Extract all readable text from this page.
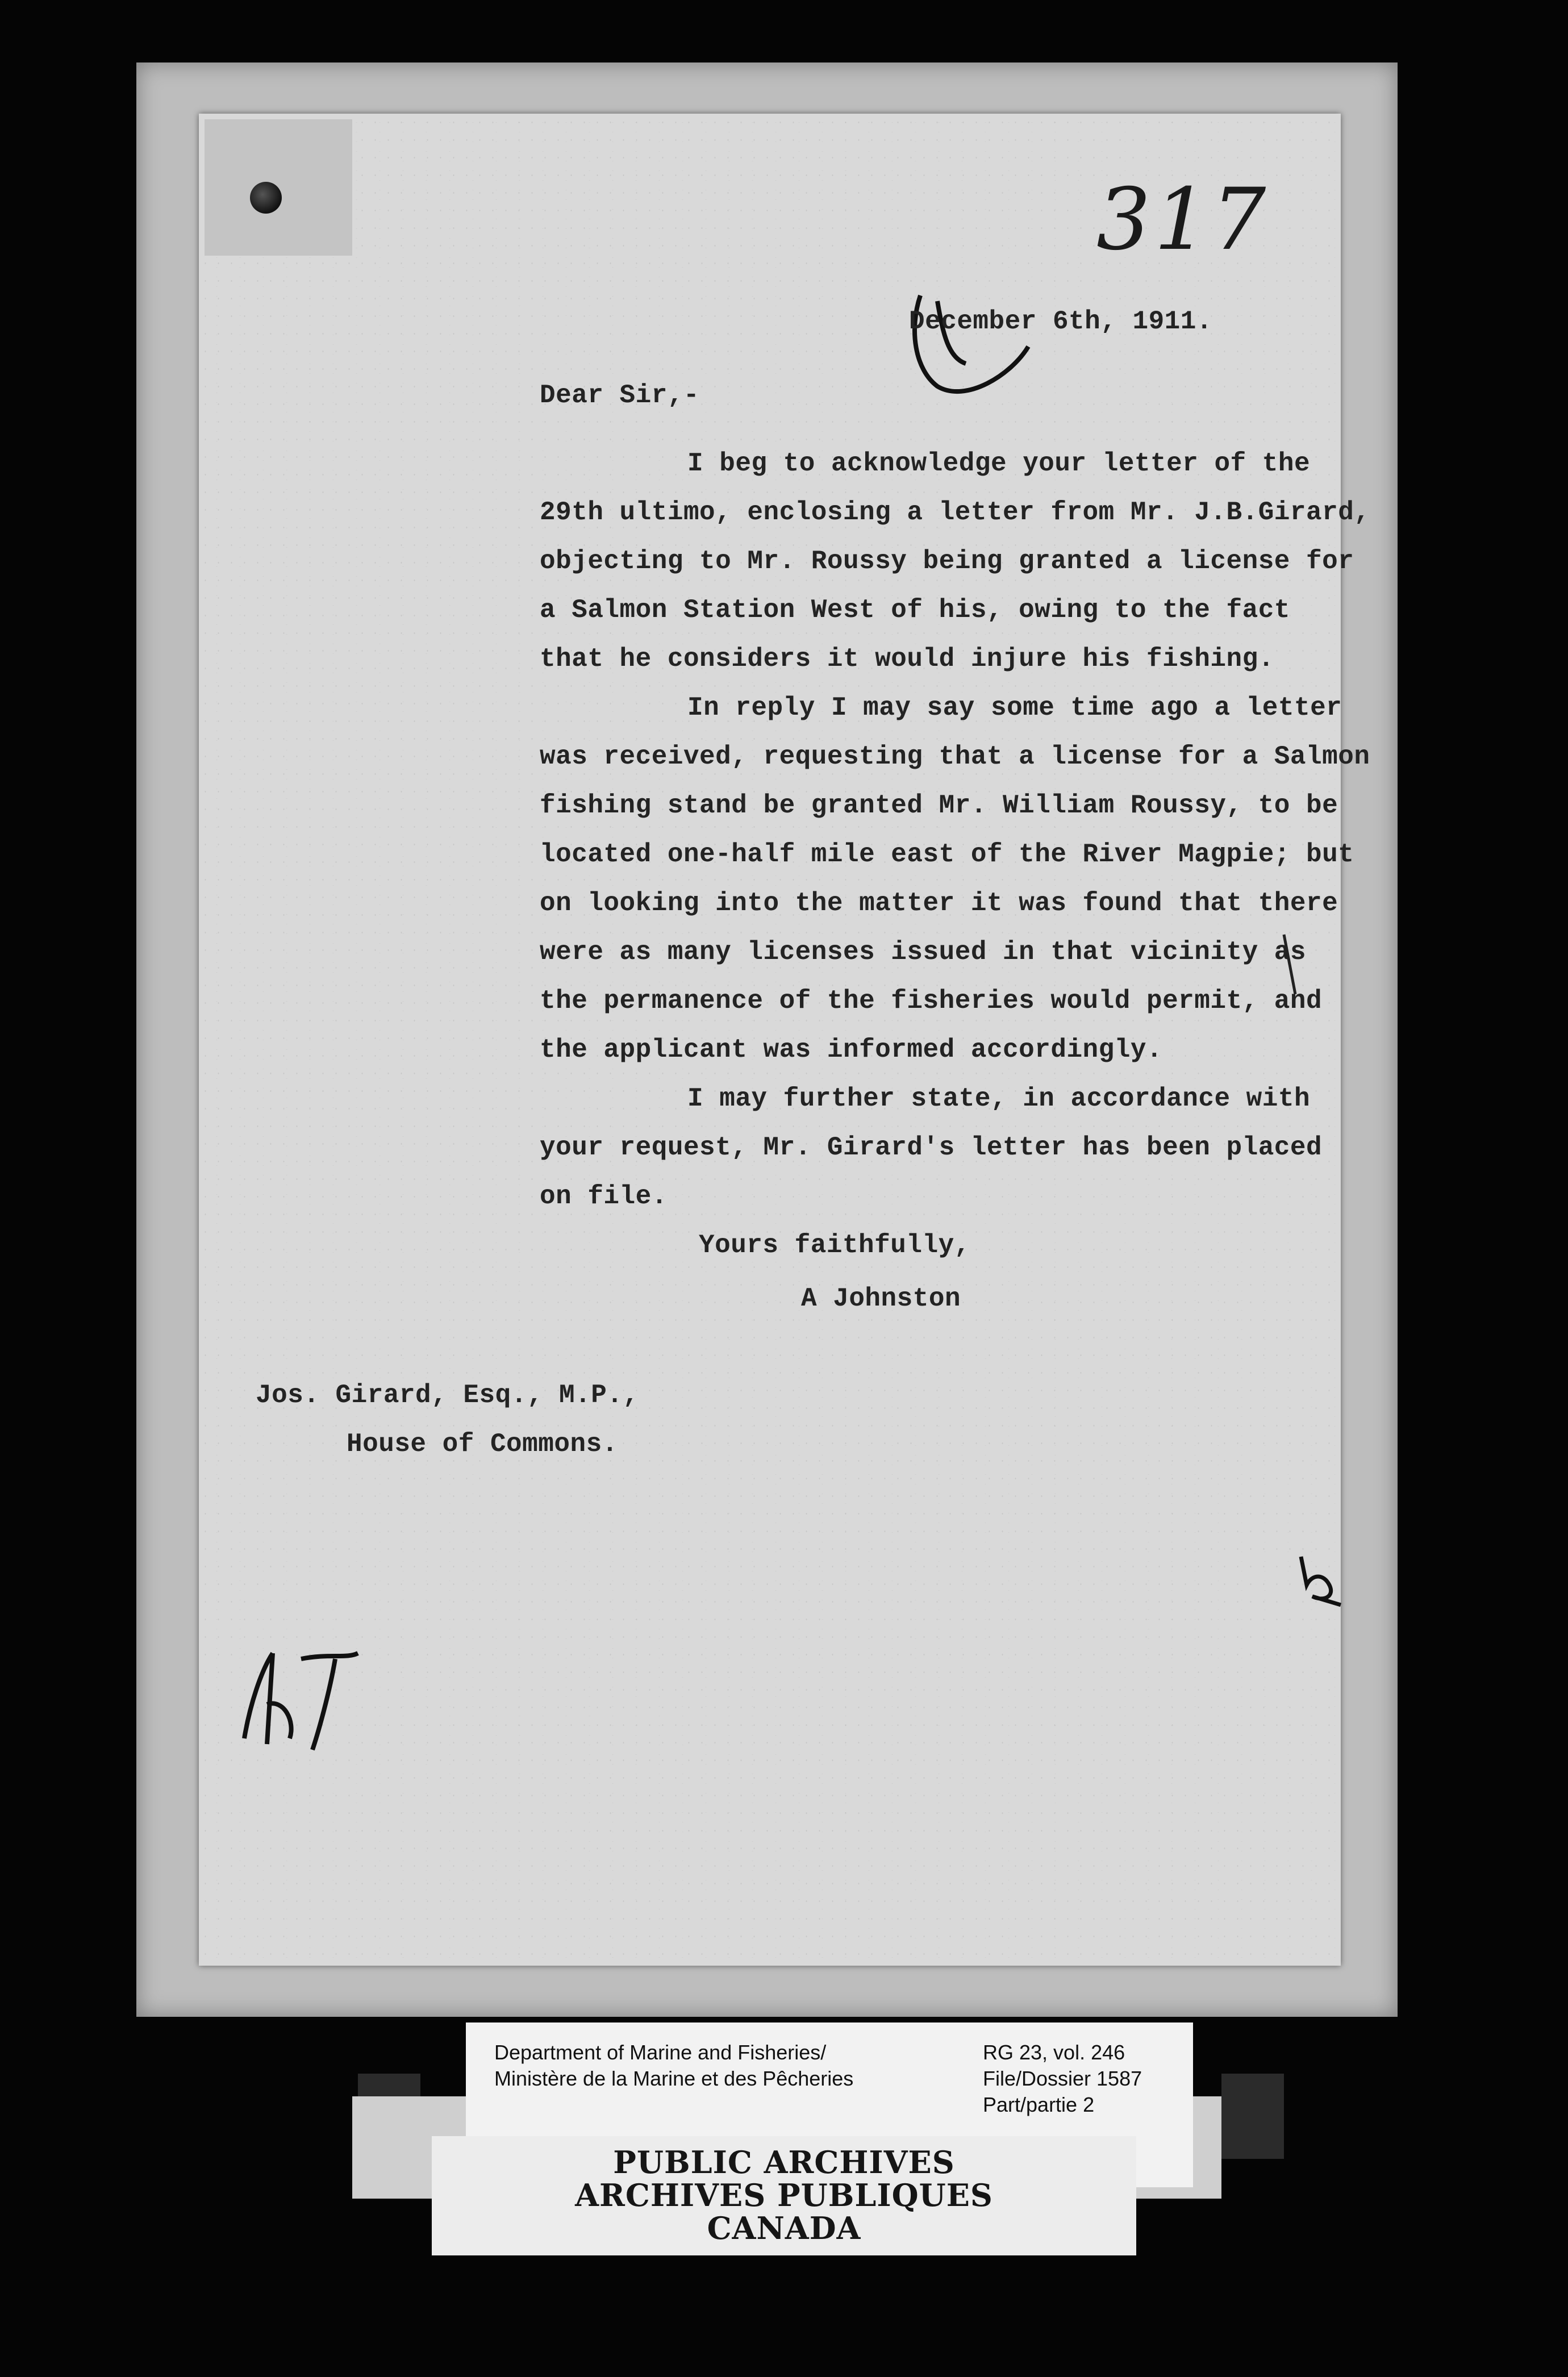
317
December 6th, 1911.
Dear Sir,-
I beg to acknowledge your letter of the
29th ultimo, enclosing a letter from Mr. J.B.Girard,
objecting to Mr. Roussy being granted a license for
a Salmon Station West of his, owing to the fact
that he considers it would injure his fishing.
In reply I may say some time ago a letter
was received, requesting that a license for a Salmon
fishing stand be granted Mr. William Roussy, to be
located one-half mile east of the River Magpie; but
on looking into the matter it was found that there
were as many licenses issued in that vicinity as
the permanence of the fisheries would permit, and
the applicant was informed accordingly.
I may further state, in accordance with
your request, Mr. Girard's letter has been placed
on file.
Yours faithfully,
A Johnston
Jos. Girard, Esq., M.P.,
House of Commons.
Department of Marine and Fisheries/
Ministère de la Marine et des Pêcheries
RG 23, vol. 246
File/Dossier 1587
Part/partie 2
PUBLIC ARCHIVES
ARCHIVES PUBLIQUES
CANADA
